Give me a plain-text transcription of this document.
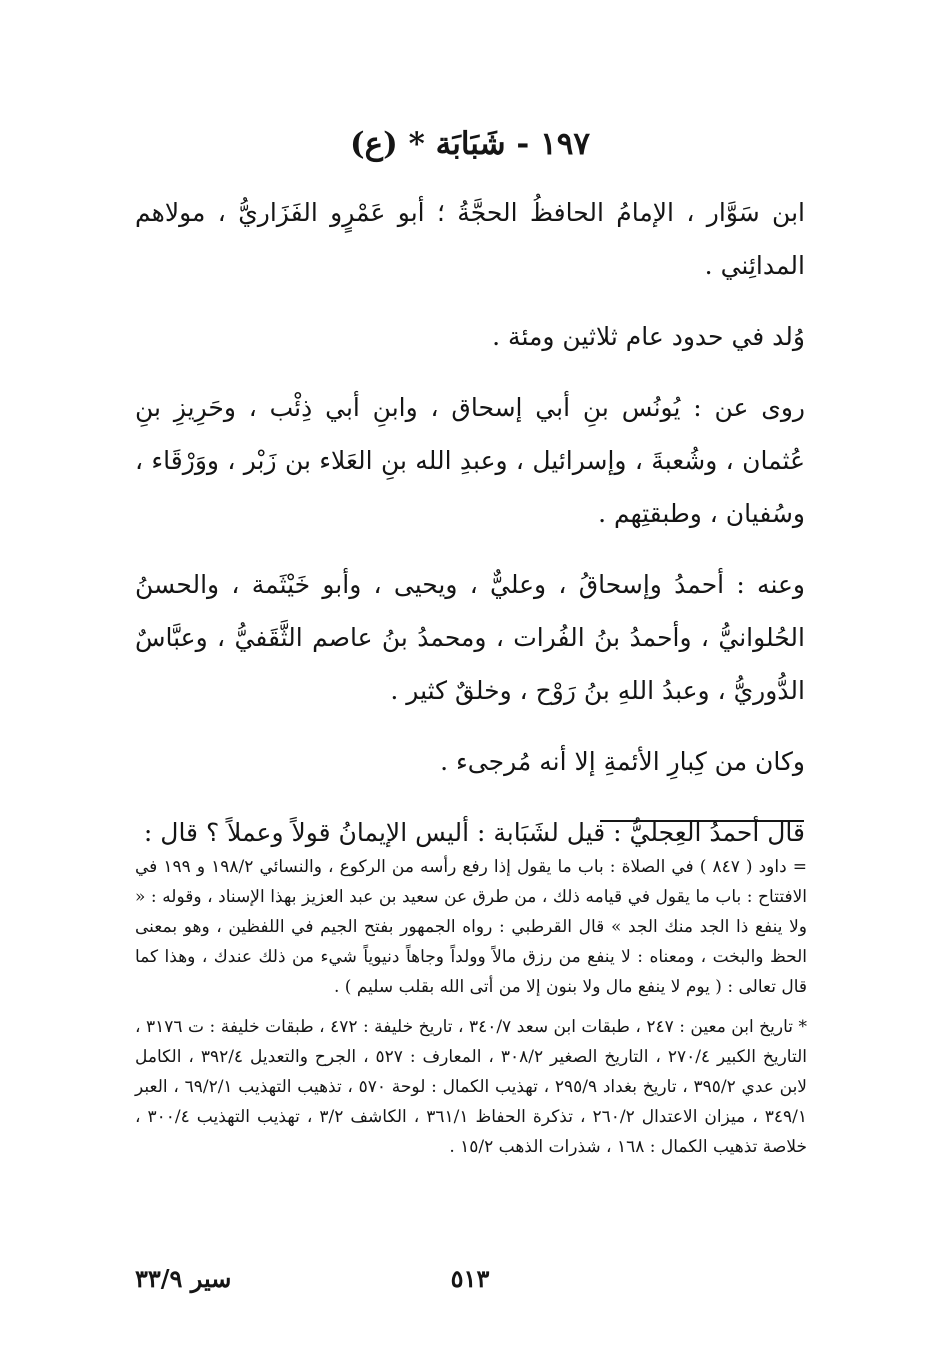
١٩٧ - شَبَابَة * (ع)

ابن سَوَّار ، الإمامُ الحافظُ الحجَّةُ ؛ أبو عَمْرٍو الفَزَاريُّ ، مولاهم المدائِني .

وُلد في حدود عام ثلاثين ومئة .

روى عن : يُونُس بنِ أبي إسحاق ، وابنِ أبي ذِئْب ، وحَرِيزِ بنِ عُثمان ، وشُعبةَ ، وإسرائيل ، وعبدِ الله بنِ العَلاء بن زَبْر ، ووَرْقَاء ، وسُفيان ، وطبقتِهم .

وعنه : أحمدُ وإسحاقُ ، وعليٌّ ، ويحيى ، وأبو خَيْثَمة ، والحسنُ الحُلوانيُّ ، وأحمدُ بنُ الفُرات ، ومحمدُ بنُ عاصم الثَّقَفيُّ ، وعبَّاسٌ الدُّوريُّ ، وعبدُ اللهِ بنُ رَوْح ، وخلقٌ كثير .

وكان من كِبارِ الأئمةِ إلا أنه مُرجىء .

قال أحمدُ العِجليُّ : قيل لشَبَابة : أليس الإيمانُ قولاً وعملاً ؟ قال :

= داود ( ٨٤٧ ) في الصلاة : باب ما يقول إذا رفع رأسه من الركوع ، والنسائي ١٩٨/٢ و ١٩٩ في الافتتاح : باب ما يقول في قيامه ذلك ، من طرق عن سعيد بن عبد العزيز بهذا الإسناد ، وقوله : « ولا ينفع ذا الجد منك الجد » قال القرطبي : رواه الجمهور بفتح الجيم في اللفظين ، وهو بمعنى الحظ والبخت ، ومعناه : لا ينفع من رزق مالاً وولداً وجاهاً دنيوياً شيء من ذلك عندك ، وهذا كما قال تعالى : ( يوم لا ينفع مال ولا بنون إلا من أتى الله بقلب سليم ) .

* تاريخ ابن معين : ٢٤٧ ، طبقات ابن سعد ٣٤٠/٧ ، تاريخ خليفة : ٤٧٢ ، طبقات خليفة : ت ٣١٧٦ ، التاريخ الكبير ٢٧٠/٤ ، التاريخ الصغير ٣٠٨/٢ ، المعارف : ٥٢٧ ، الجرح والتعديل ٣٩٢/٤ ، الكامل لابن عدي ٣٩٥/٢ ، تاريخ بغداد ٢٩٥/٩ ، تهذيب الكمال : لوحة ٥٧٠ ، تذهيب التهذيب ٦٩/٢/١ ، العبر ٣٤٩/١ ، ميزان الاعتدال ٢٦٠/٢ ، تذكرة الحفاظ ٣٦١/١ ، الكاشف ٣/٢ ، تهذيب التهذيب ٣٠٠/٤ ، خلاصة تذهيب الكمال : ١٦٨ ، شذرات الذهب ١٥/٢ .

٥١٣
سير ٣٣/٩
